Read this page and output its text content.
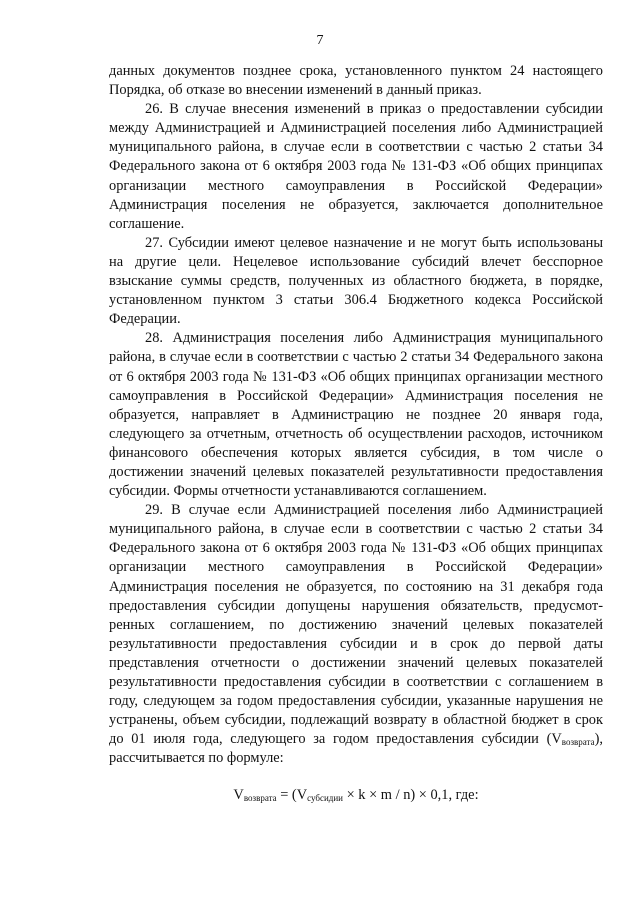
7

данных документов позднее срока, установленного пунктом 24 настоящего Порядка, об отказе во внесении изменений в данный приказ.

26. В случае внесения изменений в приказ о предоставлении субсидии между Администрацией и Администрацией поселения либо Администрацией муниципального района, в случае если в соответствии с частью 2 статьи 34 Федерального закона от 6 октября 2003 года № 131-ФЗ «Об общих принципах организации местного самоуправления в Российской Федерации» Администрация поселения не образуется, заключается дополнительное соглашение.

27. Субсидии имеют целевое назначение и не могут быть использованы на другие цели. Нецелевое использование субсидий влечет бесспорное взыскание суммы средств, полученных из областного бюджета, в порядке, установленном пунктом 3 статьи 306.4 Бюджетного кодекса Российской Федерации.

28. Администрация поселения либо Администрация муниципального района, в случае если в соответствии с частью 2 статьи 34 Федерального закона от 6 октября 2003 года № 131-ФЗ «Об общих принципах организации местного самоуправления в Российской Федерации» Администрация поселения не образуется, направляет в Администрацию не позднее 20 января года, следующего за отчетным, отчетность об осуществлении расходов, источником финансового обеспечения которых является субсидия, в том числе о достижении значений целевых показателей результативности предоставления субсидии. Формы отчетности устанавливаются соглашением.

29. В случае если Администрацией поселения либо Администрацией муниципального района, в случае если в соответствии с частью 2 статьи 34 Федерального закона от 6 октября 2003 года № 131-ФЗ «Об общих принципах организации местного самоуправления в Российской Федерации» Администрация поселения не образуется, по состоянию на 31 декабря года предоставления субсидии допущены нарушения обязательств, предусмот-ренных соглашением, по достижению значений целевых показателей результативности предоставления субсидии и в срок до первой даты представления отчетности о достижении значений целевых показателей результативности предоставления субсидии в соответствии с соглашением в году, следующем за годом предоставления субсидии, указанные нарушения не устранены, объем субсидии, подлежащий возврату в областной бюджет в срок до 01 июля года, следующего за годом предоставления субсидии $(V_{возврата})$, рассчитывается по формуле:

$V_{возврата} = (V_{субсидии} \times k \times m / n) \times 0,1$, где:
